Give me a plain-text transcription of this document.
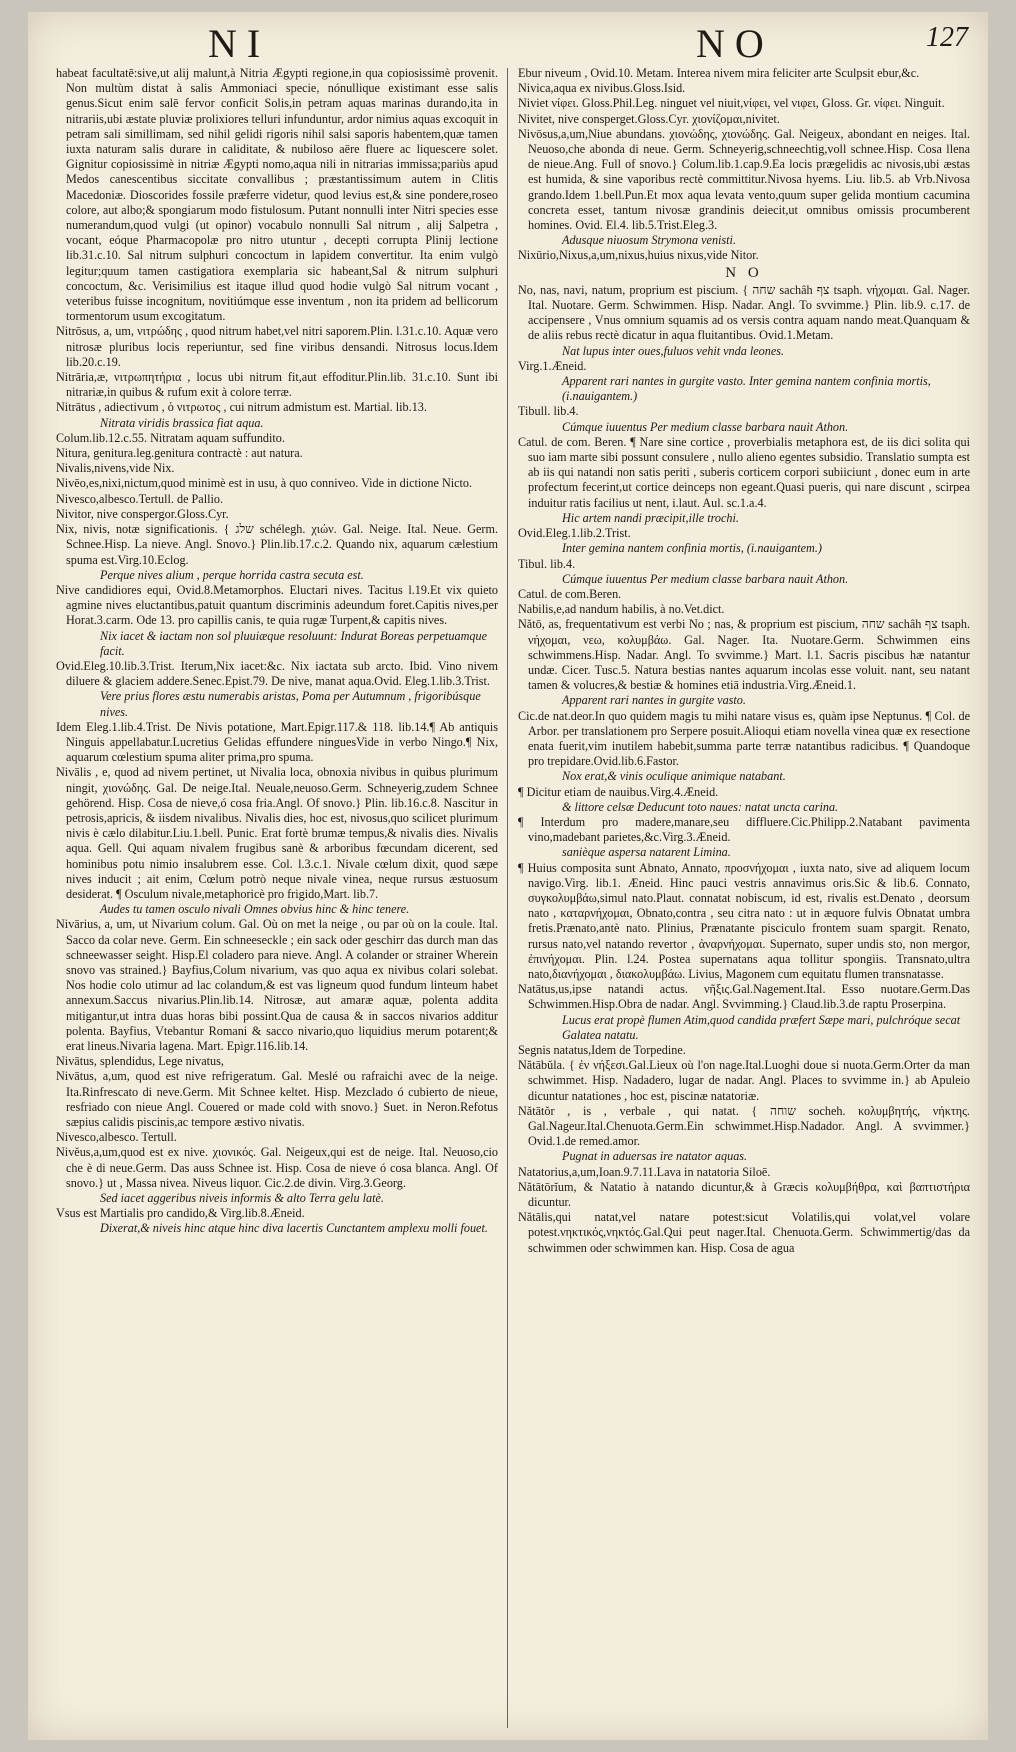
NI	NO	127

habeat facultatē:sive,ut alij malunt,à Nitria Ægypti regione,in qua copiosissimè provenit. Non multùm distat à salis Ammoniaci specie, nónullique existimant esse salis genus.Sicut enim salē fervor conficit Solis,in petram aquas marinas durando,ita in nitrariis,ubi æstate pluviæ prolixiores telluri infunduntur, ardor nimius aquas excoquit in petram sali simillimam, sed nihil gelidi rigoris nihil salsi saporis habentem,quæ tamen iuxta naturam salis durare in caliditate, & nubiloso aēre fluere ac liquescere solet. Gignitur copiosissimè in nitriæ Ægypti nomo,aqua nili in nitrarias immissa;pariùs apud Medos canescentibus siccitate convallibus ; præstantissimum autem in Clitis Macedoniæ. Dioscorides fossile præferre videtur, quod levius est,& sine pondere,roseo colore, aut albo;& spongiarum modo fistulosum. Putant nonnulli inter Nitri species esse numerandum,quod vulgi (ut opinor) vocabulo nonnulli Sal nitrum , alij Salpetra , vocant, eóque Pharmacopolæ pro nitro utuntur , decepti corrupta Plinij lectione lib.31.c.10. Sal nitrum sulphuri concoctum in lapidem convertitur. Ita enim vulgò legitur;quum tamen castigatiora exemplaria sic habeant,Sal & nitrum sulphuri concoctum, &c. Verisimilius est itaque illud quod hodie vulgò Sal nitrum vocant , veteribus fuisse incognitum, novitiúmque esse inventum , non ita pridem ad bellicorum tormentorum usum excogitatum.

Nitrōsus, a, um, νιτρώδης , quod nitrum habet,vel nitri saporem.Plin. l.31.c.10. Aquæ vero nitrosæ pluribus locis reperiuntur, sed fine viribus densandi. Nitrosus locus.Idem lib.20.c.19.

Nitrāria,æ, νιτρωπητήρια , locus ubi nitrum fit,aut effoditur.Plin.lib. 31.c.10. Sunt ibi nitrariæ,in quibus & rufum exit à colore terræ.

Nitrātus , adiectivum , ὁ νιτρωτος , cui nitrum admistum est. Martial. lib.13.

Nitrata viridis brassica fiat aqua.

Colum.lib.12.c.55. Nitratam aquam suffundito.

Nitura, genitura.leg.genitura contractè : aut natura.

Nivalis,nivens,vide Nix.

Nivēo,es,nixi,nictum,quod minimè est in usu, à quo conniveo. Vide in dictione Nicto.

Nivesco,albesco.Tertull. de Pallio.

Nivitor, nive conspergor.Gloss.Cyr.

Nix, nivis, notæ significationis. { שלג schélegh. χιών. Gal. Neige. Ital. Neue. Germ. Schnee.Hisp. La nieve. Angl. Snovo.} Plin.lib.17.c.2. Quando nix, aquarum cælestium spuma est.Virg.10.Eclog.

Perque nives alium , perque horrida castra secuta est.

Nive candidiores equi, Ovid.8.Metamorphos. Eluctari nives. Tacitus l.19.Et vix quieto agmine nives eluctantibus,patuit quantum discriminis adeundum foret.Capitis nives,per Horat.3.carm. Ode 13. pro capillis canis, te quia rugæ Turpent,& capitis nives.

Nix iacet & iactam non sol pluuiæque resoluunt: Indurat Boreas perpetuamque facit.

Ovid.Eleg.10.lib.3.Trist. Iterum,Nix iacet:&c. Nix iactata sub arcto. Ibid. Vino nivem diluere & glaciem addere.Senec.Epist.79. De nive, manat aqua.Ovid. Eleg.1.lib.3.Trist.

Vere prius flores æstu numerabis aristas, Poma per Autumnum , frigoribúsque nives.

Idem Eleg.1.lib.4.Trist. De Nivis potatione, Mart.Epigr.117.& 118. lib.14.¶ Ab antiquis Ninguis appellabatur.Lucretius Gelidas effundere ninguesVide in verbo Ningo.¶ Nix, aquarum cœlestium spuma aliter prima,pro spuma.

Nivālis , e, quod ad nivem pertinet, ut Nivalia loca, obnoxia nivibus in quibus plurimum ningit, χιονώδης. Gal. De neige.Ital. Neuale,neuoso.Germ. Schneyerig,zudem Schnee gehörend. Hisp. Cosa de nieve,ó cosa fria.Angl. Of snovo.} Plin. lib.16.c.8. Nascitur in petrosis,apricis, & iisdem nivalibus. Nivalis dies, hoc est, nivosus,quo scilicet plurimum nivis è cælo dilabitur.Liu.1.bell. Punic. Erat fortè brumæ tempus,& nivalis dies. Nivalis aqua. Gell. Qui aquam nivalem frugibus sanè & arboribus fœcundam dicerent, sed hominibus potu nimio insalubrem esse. Col. l.3.c.1. Nivale cœlum dixit, quod sæpe nives inducit ; ait enim, Cœlum potrò neque nivale vinea, neque rursus æstuosum desiderat. ¶ Osculum nivale,metaphoricè pro frigido,Mart. lib.7.

Audes tu tamen osculo nivali Omnes obvius hinc & hinc tenere.

Nivārius, a, um, ut Nivarium colum. Gal. Où on met la neige , ou par où on la coule. Ital. Sacco da colar neve. Germ. Ein schneeseckle ; ein sack oder geschirr das durch man das schneewasser seight. Hisp.El coladero para nieve. Angl. A colander or strainer Wherein snovo vas strained.} Bayfius,Colum nivarium, vas quo aqua ex nivibus colari solebat. Nos hodie colo utimur ad lac colandum,& est vas ligneum quod fundum linteum habet annexum.Saccus nivarius.Plin.lib.14. Nitrosæ, aut amaræ aquæ, polenta addita mitigantur,ut intra duas horas bibi possint.Qua de causa & in saccos nivarios additur polenta. Bayfius, Vtebantur Romani & sacco nivario,quo liquidius merum potarent;& erat lineus.Nivaria lagena. Mart. Epigr.116.lib.14.

Nivātus, splendidus, Lege nivatus,

Nivātus, a,um, quod est nive refrigeratum. Gal. Meslé ou rafraichi avec de la neige. Ita.Rinfrescato di neve.Germ. Mit Schnee keltet. Hisp. Mezclado ó cubierto de nieue, resfriado con nieue Angl. Couered or made cold with snovo.} Suet. in Neron.Refotus sæpius calidis piscinis,ac tempore æstivo nivatis.

Nivesco,albesco. Tertull.

Nivĕus,a,um,quod est ex nive. χιονικός. Gal. Neigeux,qui est de neige. Ital. Neuoso,cio che è di neue.Germ. Das auss Schnee ist. Hisp. Cosa de nieve ó cosa blanca. Angl. Of snovo.} ut , Massa nivea. Niveus liquor. Cic.2.de divin. Virg.3.Georg.

Sed iacet aggeribus niveis informis & alto Terra gelu latè.

Vsus est Martialis pro candido,& Virg.lib.8.Æneid.

Dixerat,& niveis hinc atque hinc diva lacertis Cunctantem amplexu molli fouet.

Ebur niveum , Ovid.10. Metam. Interea nivem mira feliciter arte Sculpsit ebur,&c.

Nivica,aqua ex nivibus.Gloss.Isid.

Niviet νίφει. Gloss.Phil.Leg. ninguet vel niuit,νίφει, vel νιφει, Gloss. Gr. νίφει. Ninguit.

Nivitet, nive consperget.Gloss.Cyr. χιονίζομαι,nivitet.

Nivōsus,a,um,Niue abundans. χιονώδης, χιονώδης. Gal. Neigeux, abondant en neiges. Ital. Neuoso,che abonda di neue. Germ. Schneyerig,schneechtig,voll schnee.Hisp. Cosa llena de nieue.Ang. Full of snovo.} Colum.lib.1.cap.9.Ea locis prægelidis ac nivosis,ubi æstas est humida, & sine vaporibus rectè committitur.Nivosa hyems. Liu. lib.5. ab Vrb.Nivosa grando.Idem 1.bell.Pun.Et mox aqua levata vento,quum super gelida montium cacumina concreta esset, tantum nivosæ grandinis deiecit,ut omnibus omissis procumberent homines. Ovid. El.4. lib.5.Trist.Eleg.3.

Adusque niuosum Strymona venisti.

Nixūrio,Nixus,a,um,nixus,huius nixus,vide Nitor.

N O

No, nas, navi, natum, proprium est piscium. { שחה sachâh צף tsaph. νήχομαι. Gal. Nager. Ital. Nuotare. Germ. Schwimmen. Hisp. Nadar. Angl. To svvimme.} Plin. lib.9. c.17. de accipensere , Vnus omnium squamis ad os versis contra aquam nando meat.Quanquam & de aliis rebus rectè dicatur in aqua fluitantibus. Ovid.1.Metam.

Nat lupus inter oues,fuluos vehit vnda leones.

Virg.1.Æneid.

Apparent rari nantes in gurgite vasto. Inter gemina nantem confinia mortis, (i.nauigantem.)

Tibull. lib.4.

Cúmque iuuentus Per medium classe barbara nauit Athon.

Catul. de com. Beren. ¶ Nare sine cortice , proverbialis metaphora est, de iis dici solita qui suo iam marte sibi possunt consulere , nullo alieno egentes subsidio. Translatio sumpta est ab iis qui natandi non satis periti , suberis corticem corpori subiiciunt , donec eum in arte profectum fecerint,ut cortice deinceps non egeant.Quasi pueris, qui nare discunt , scirpea induitur ratis facilius ut nent, i.laut. Aul. sc.1.a.4.

Hic artem nandi præcipit,ille trochi.

Ovid.Eleg.1.lib.2.Trist.

Inter gemina nantem confinia mortis, (i.nauigantem.)

Tibul. lib.4.

Cúmque iuuentus Per medium classe barbara nauit Athon.

Catul. de com.Beren.

Nabilis,e,ad nandum habilis, à no.Vet.dict.

Nătō, as, frequentativum est verbi No ; nas, & proprium est piscium, שחה sachâh צף tsaph. νήχομαι, νεω, κολυμβάω. Gal. Nager. Ita. Nuotare.Germ. Schwimmen eins schwimmens.Hisp. Nadar. Angl. To svvimme.} Mart. l.1. Sacris piscibus hæ natantur undæ. Cicer. Tusc.5. Natura bestias nantes aquarum incolas esse voluit. nant, seu natant tamen & volucres,& bestiæ & homines etiā industria.Virg.Æneid.1.

Apparent rari nantes in gurgite vasto.

Cic.de nat.deor.In quo quidem magis tu mihi natare visus es, quàm ipse Neptunus. ¶ Col. de Arbor. per translationem pro Serpere posuit.Alioqui etiam novella vinea quæ ex resectione enata fuerit,vim inutilem habebit,summa parte terræ natantibus radicibus. ¶ Quandoque pro trepidare.Ovid.lib.6.Fastor.

Nox erat,& vinis oculique animique natabant.

¶ Dicitur etiam de nauibus.Virg.4.Æneid.

& littore celsæ Deducunt toto naues: natat uncta carina.

¶ Interdum pro madere,manare,seu diffluere.Cic.Philipp.2.Natabant pavimenta vino,madebant parietes,&c.Virg.3.Æneid.

sanièque aspersa natarent Limina.

¶ Huius composita sunt Abnato, Annato, προσνήχομαι , iuxta nato, sive ad aliquem locum navigo.Virg. lib.1. Æneid. Hinc pauci vestris annavimus oris.Sic & lib.6. Connato, συγκολυμβάω,simul nato.Plaut. connatat nobiscum, id est, rivalis est.Denato , deorsum nato , καταρνήχομαι, Obnato,contra , seu citra nato : ut in æquore fulvis Obnatat umbra fretis.Prænato,antè nato. Plinius, Prænatante pisciculo frontem suam spargit. Renato, rursus nato,vel natando revertor , ἀναρνήχομαι. Supernato, super undis sto, non mergor, ἐπινήχομαι. Plin. l.24. Postea supernatans aqua tollitur spongiis. Transnato,ultra nato,διανήχομαι , διακολυμβάω. Livius, Magonem cum equitatu flumen transnatasse.

Natātus,us,ipse natandi actus. νῆξις.Gal.Nagement.Ital. Esso nuotare.Germ.Das Schwimmen.Hisp.Obra de nadar. Angl. Svvimming.} Claud.lib.3.de raptu Proserpina.

Lucus erat propè flumen Atim,quod candida præfert Sæpe mari, pulchróque secat Galatea natatu.

Segnis natatus,Idem de Torpedine.

Nătābŭla. { ἐν νήξεσι.Gal.Lieux où l'on nage.Ital.Luoghi doue si nuota.Germ.Orter da man schwimmet. Hisp. Nadadero, lugar de nadar. Angl. Places to svvimme in.} ab Apuleio dicuntur natationes , hoc est, piscinæ natatoriæ.

Nătātŏr , is , verbale , qui natat. { שוחה socheh. κολυμβητής, νήκτης. Gal.Nageur.Ital.Chenuota.Germ.Ein schwimmet.Hisp.Nadador. Angl. A svvimmer.} Ovid.1.de remed.amor.

Pugnat in aduersas ire natator aquas.

Natatorius,a,um,Ioan.9.7.11.Lava in natatoria Siloē.

Nătātōrĭum, & Natatio à natando dicuntur,& à Græcis κολυμβήθρα, καὶ βαπτιστήρια dicuntur.

Nătālis,qui natat,vel natare potest:sicut Volatilis,qui volat,vel volare potest.νηκτικός,νηκτός.Gal.Qui peut nager.Ital. Chenuota.Germ. Schwimmertig/das da schwimmen oder schwimmen kan. Hisp. Cosa de agua
